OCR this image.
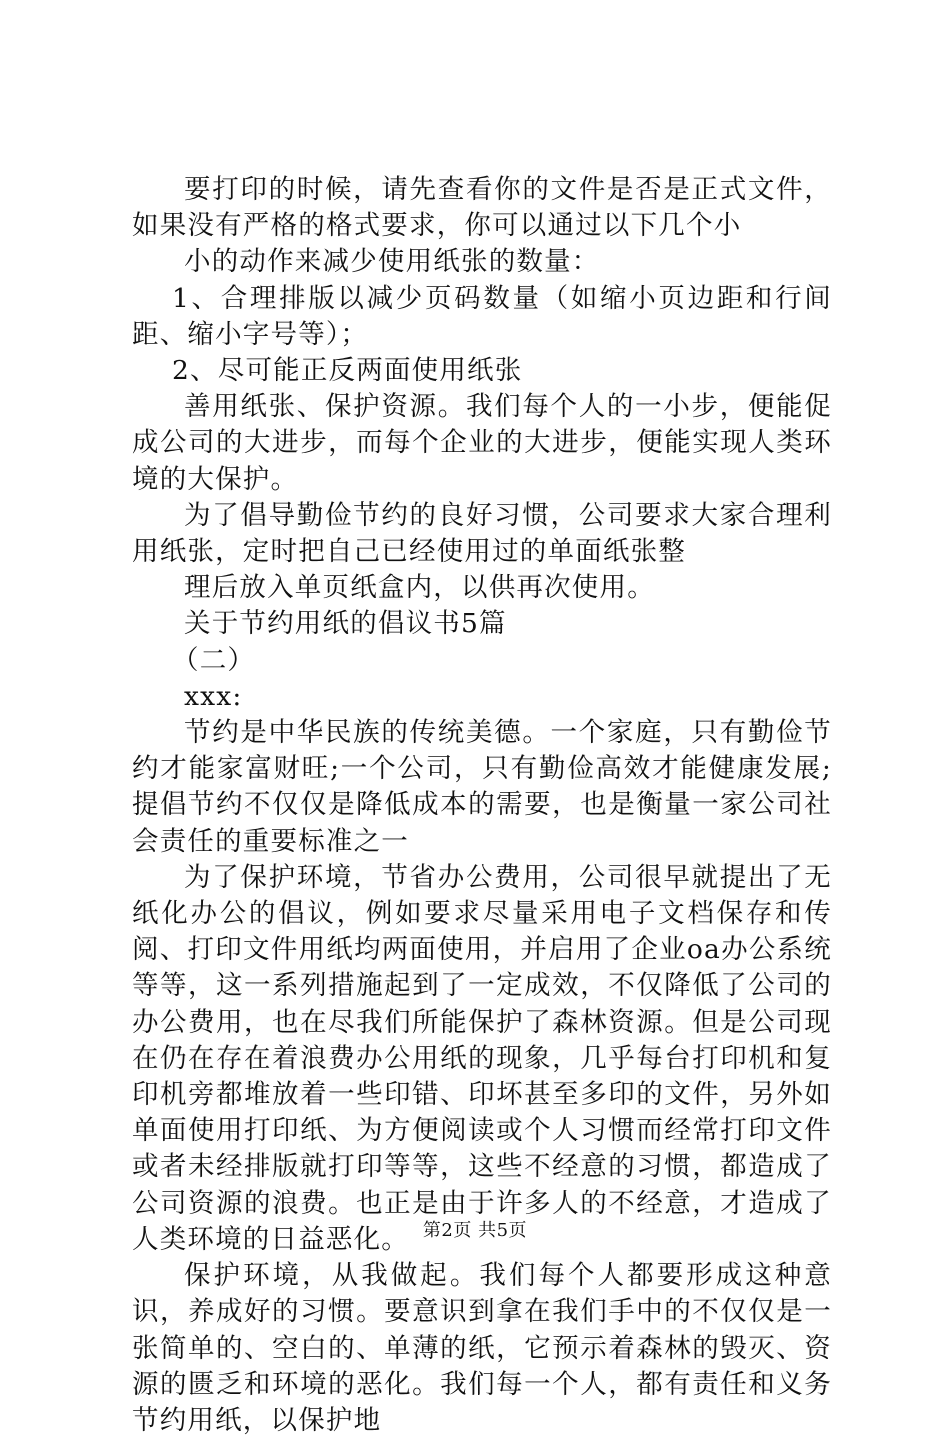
要打印的时候，请先查看你的文件是否是正式文件，如果没有严格的格式要求，你可以通过以下几个小

小的动作来减少使用纸张的数量：

1、合理排版以减少页码数量（如缩小页边距和行间距、缩小字号等）；

2、尽可能正反两面使用纸张

善用纸张、保护资源。我们每个人的一小步，便能促成公司的大进步，而每个企业的大进步，便能实现人类环境的大保护。

为了倡导勤俭节约的良好习惯，公司要求大家合理利用纸张，定时把自己已经使用过的单面纸张整

理后放入单页纸盒内，以供再次使用。

关于节约用纸的倡议书5篇

（二）

xxx:

节约是中华民族的传统美德。一个家庭，只有勤俭节约才能家富财旺;一个公司，只有勤俭高效才能健康发展;提倡节约不仅仅是降低成本的需要，也是衡量一家公司社会责任的重要标准之一

为了保护环境，节省办公费用，公司很早就提出了无纸化办公的倡议，例如要求尽量采用电子文档保存和传阅、打印文件用纸均两面使用，并启用了企业oa办公系统等等，这一系列措施起到了一定成效，不仅降低了公司的办公费用，也在尽我们所能保护了森林资源。但是公司现在仍在存在着浪费办公用纸的现象，几乎每台打印机和复印机旁都堆放着一些印错、印坏甚至多印的文件，另外如单面使用打印纸、为方便阅读或个人习惯而经常打印文件或者未经排版就打印等等，这些不经意的习惯，都造成了公司资源的浪费。也正是由于许多人的不经意，才造成了人类环境的日益恶化。

保护环境，从我做起。我们每个人都要形成这种意识，养成好的习惯。要意识到拿在我们手中的不仅仅是一张简单的、空白的、单薄的纸，它预示着森林的毁灭、资源的匮乏和环境的恶化。我们每一个人，都有责任和义务节约用纸，以保护地

第2页 共5页
